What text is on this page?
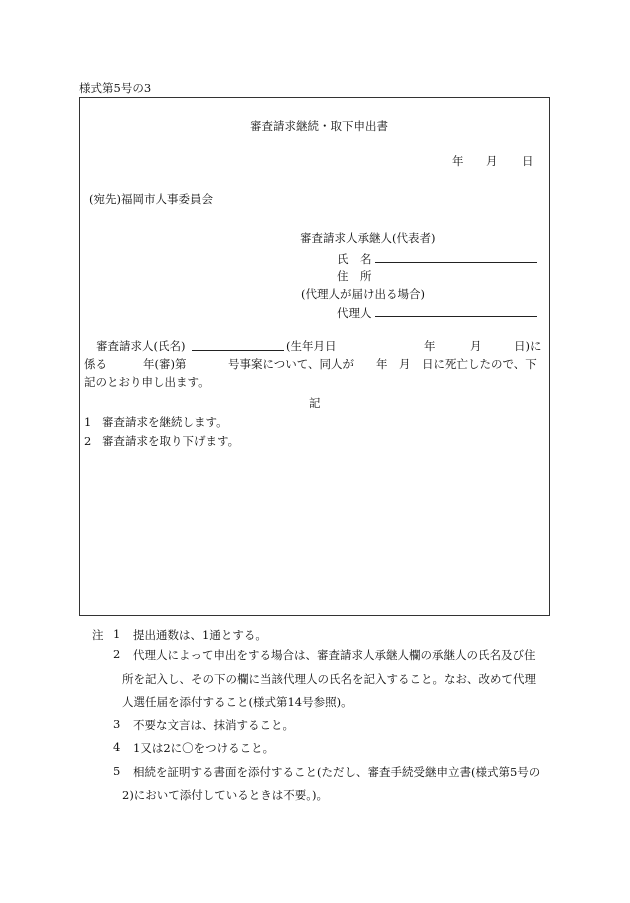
様式第5号の3
審査請求継続・取下申出書
年 月 日
(宛先)福岡市人事委員会
審査請求人承継人(代表者)
氏　名
住　所
(代理人が届け出る場合)
代理人
審査請求人(氏名)	(生年月日	年	月	日)に
係る	年(審)第	号事案について、同人が 年　月　日に死亡したので、下
記のとおり申し出ます。
記
1 審査請求を継続します。
2 審査請求を取り下げます。
注 1 提出通数は、1通とする。
2 代理人によって申出をする場合は、審査請求人承継人欄の承継人の氏名及び住
所を記入し、その下の欄に当該代理人の氏名を記入すること。なお、改めて代理
人選任届を添付すること(様式第14号参照)。
3 不要な文言は、抹消すること。
4 1又は2に〇をつけること。
5 相続を証明する書面を添付すること(ただし、審査手続受継申立書(様式第5号の
2)において添付しているときは不要。)。
